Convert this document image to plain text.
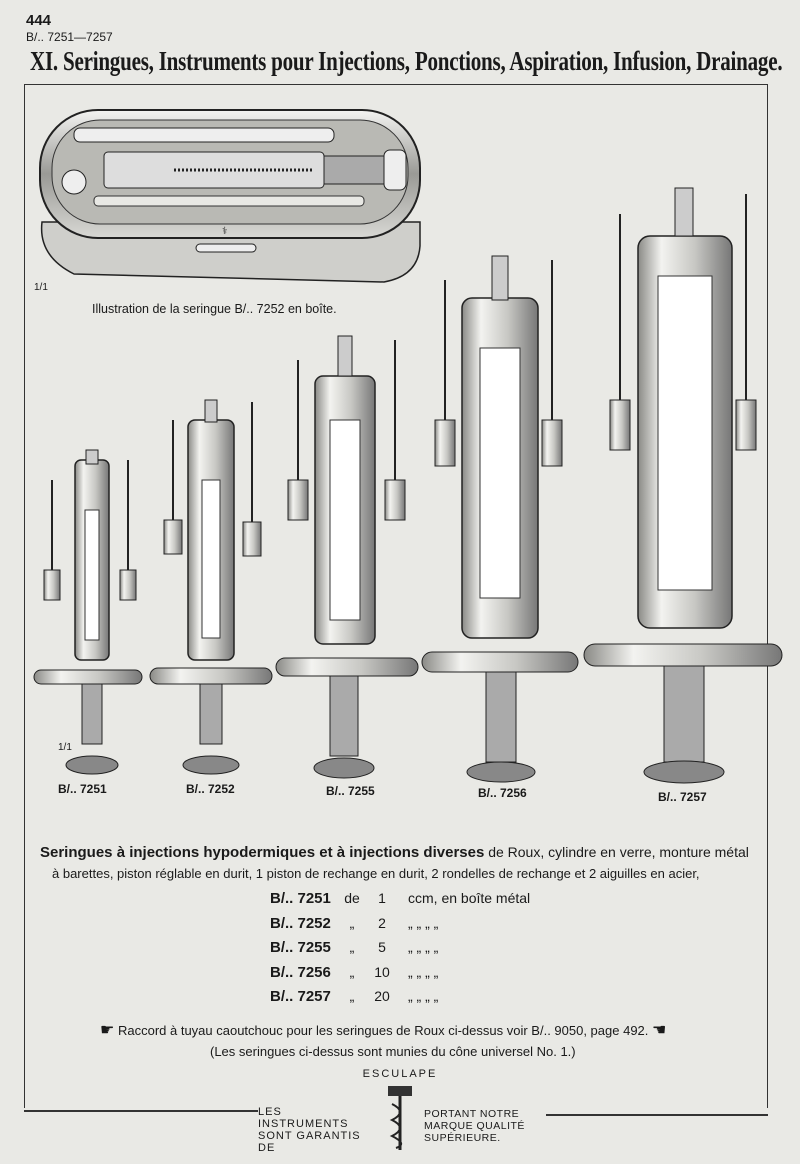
444
B/.. 7251—7257
XI. Seringues, Instruments pour Injections, Ponctions, Aspiration, Infusion, Drainage.
⚕
1/1
Illustration de la seringue B/.. 7252 en boîte.
1/1
B/.. 7251	B/.. 7252	B/.. 7255	B/.. 7256	B/.. 7257
Seringues à injections hypodermiques et à injections diverses de Roux, cylindre en verre, monture métal
à barettes, piston réglable en durit, 1 piston de rechange en durit, 2 rondelles de rechange et 2 aiguilles en acier,
B/.. 7251 de	1	ccm, en boîte métal
B/.. 7252	„	2	„ „ „ „
B/.. 7255	„	5	„ „ „ „
B/.. 7256	„	10	„ „ „ „
B/.. 7257	„	20	„ „ „ „
☛ Raccord à tuyau caoutchouc pour les seringues de Roux ci-dessus voir B/.. 9050, page 492. ☚
(Les seringues ci-dessus sont munies du cône universel No. 1.)
ESCULAPE
LES INSTRUMENTS SONT GARANTIS DE
PORTANT NOTRE MARQUE QUALITÉ SUPÉRIEURE.
